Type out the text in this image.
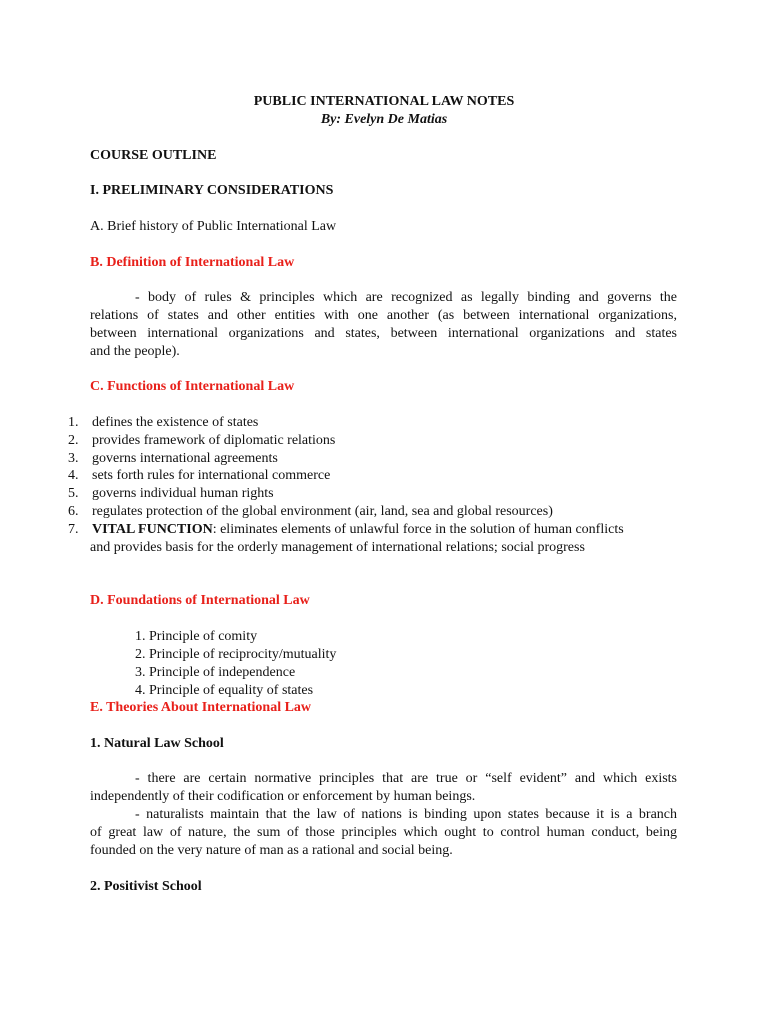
PUBLIC INTERNATIONAL LAW NOTES
By: Evelyn De Matias
COURSE OUTLINE
I. PRELIMINARY CONSIDERATIONS
A. Brief history of Public International Law
B. Definition of International Law
- body of rules & principles which are recognized as legally binding and governs the
relations of states and other entities with one another (as between international organizations,
between international organizations and states, between international organizations and states
and the people).
C. Functions of International Law
1. defines the existence of states
2. provides framework of diplomatic relations
3. governs international agreements
4. sets forth rules for international commerce
5. governs individual human rights
6. regulates protection of the global environment (air, land, sea and global resources)
7. VITAL FUNCTION: eliminates elements of unlawful force in the solution of human conflicts
and provides basis for the orderly management of international relations; social progress
D. Foundations of International Law
1. Principle of comity
2. Principle of reciprocity/mutuality
3. Principle of independence
4. Principle of equality of states
E. Theories About International Law
1. Natural Law School
- there are certain normative principles that are true or “self evident” and which exists
independently of their codification or enforcement by human beings.
- naturalists maintain that the law of nations is binding upon states because it is a branch
of great law of nature, the sum of those principles which ought to control human conduct, being
founded on the very nature of man as a rational and social being.
2. Positivist School
